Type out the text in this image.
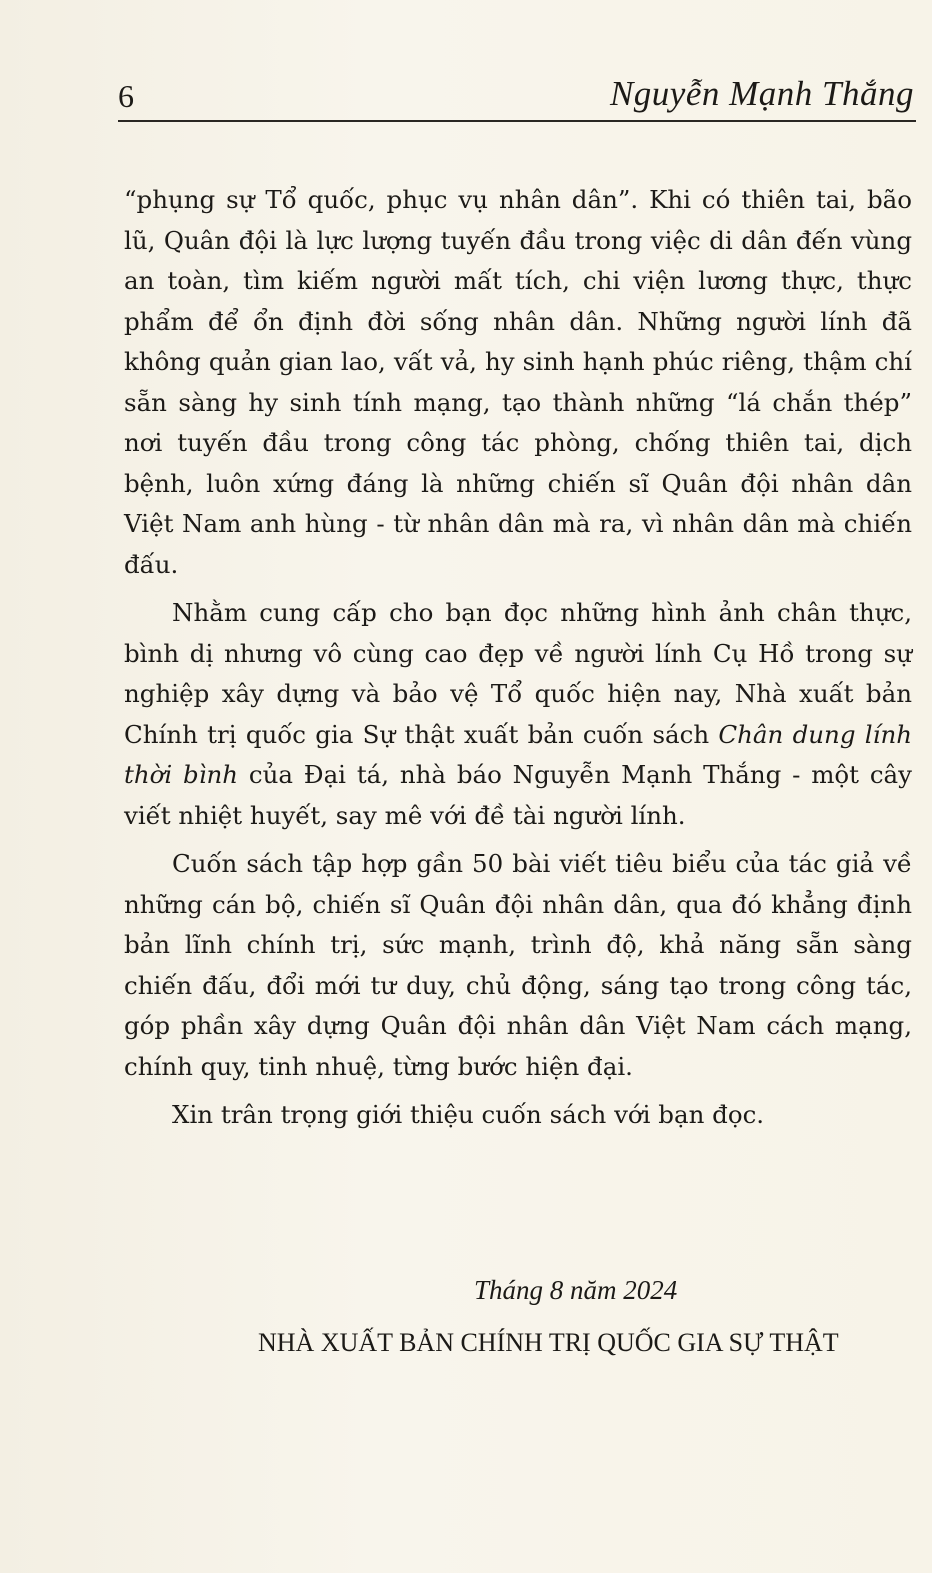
6	Nguyễn Mạnh Thắng

“phụng sự Tổ quốc, phục vụ nhân dân”. Khi có thiên tai, bão lũ, Quân đội là lực lượng tuyến đầu trong việc di dân đến vùng an toàn, tìm kiếm người mất tích, chi viện lương thực, thực phẩm để ổn định đời sống nhân dân. Những người lính đã không quản gian lao, vất vả, hy sinh hạnh phúc riêng, thậm chí sẵn sàng hy sinh tính mạng, tạo thành những “lá chắn thép” nơi tuyến đầu trong công tác phòng, chống thiên tai, dịch bệnh, luôn xứng đáng là những chiến sĩ Quân đội nhân dân Việt Nam anh hùng - từ nhân dân mà ra, vì nhân dân mà chiến đấu.

Nhằm cung cấp cho bạn đọc những hình ảnh chân thực, bình dị nhưng vô cùng cao đẹp về người lính Cụ Hồ trong sự nghiệp xây dựng và bảo vệ Tổ quốc hiện nay, Nhà xuất bản Chính trị quốc gia Sự thật xuất bản cuốn sách Chân dung lính thời bình của Đại tá, nhà báo Nguyễn Mạnh Thắng - một cây viết nhiệt huyết, say mê với đề tài người lính.

Cuốn sách tập hợp gần 50 bài viết tiêu biểu của tác giả về những cán bộ, chiến sĩ Quân đội nhân dân, qua đó khẳng định bản lĩnh chính trị, sức mạnh, trình độ, khả năng sẵn sàng chiến đấu, đổi mới tư duy, chủ động, sáng tạo trong công tác, góp phần xây dựng Quân đội nhân dân Việt Nam cách mạng, chính quy, tinh nhuệ, từng bước hiện đại.

Xin trân trọng giới thiệu cuốn sách với bạn đọc.

Tháng 8 năm 2024
NHÀ XUẤT BẢN CHÍNH TRỊ QUỐC GIA SỰ THẬT
